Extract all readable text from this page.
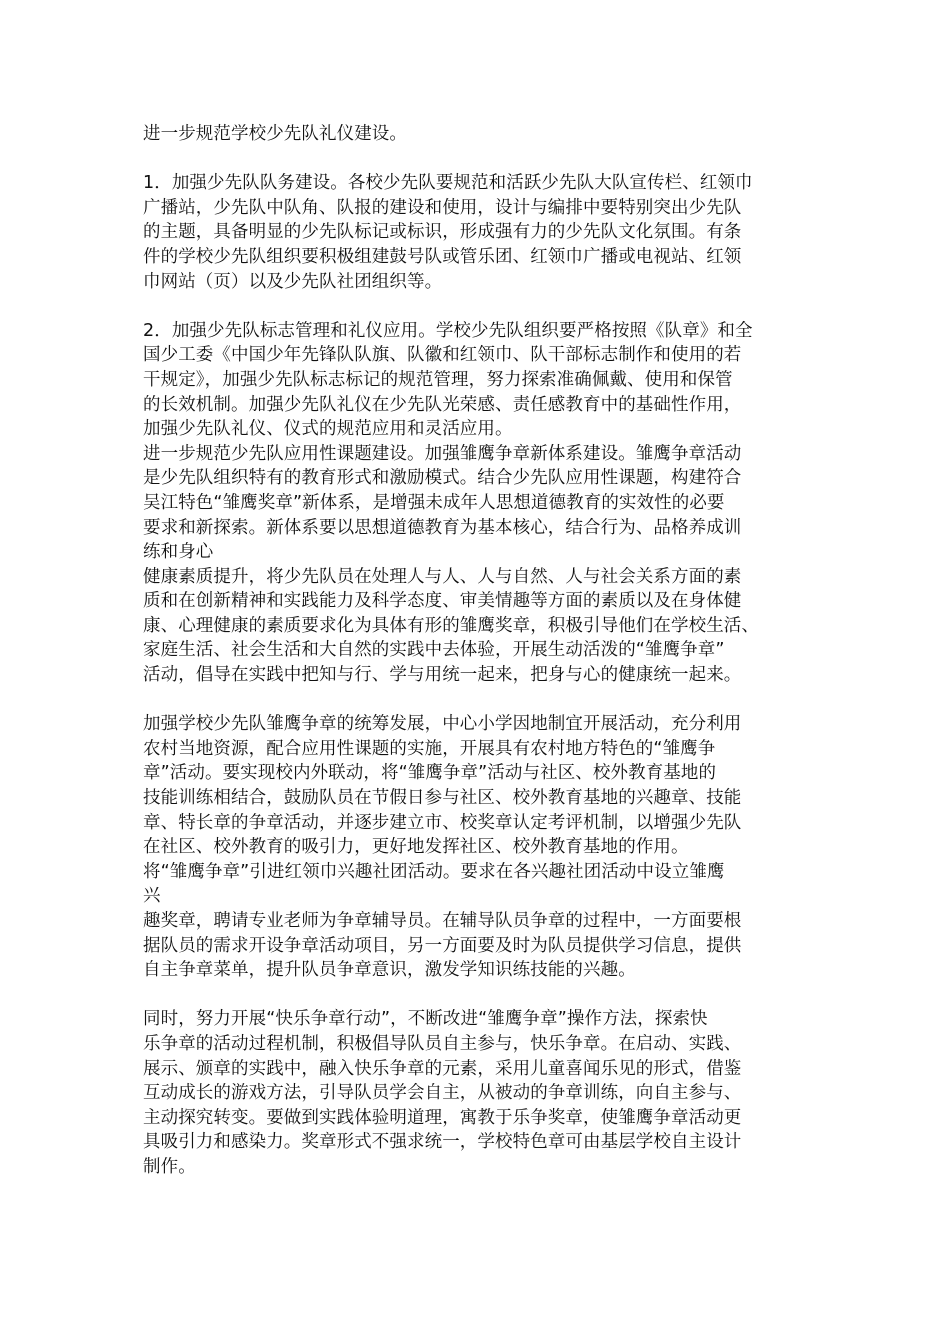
进一步规范学校少先队礼仪建设。
1．加强少先队队务建设。各校少先队要规范和活跃少先队大队宣传栏、红领巾
广播站，少先队中队角、队报的建设和使用，设计与编排中要特别突出少先队
的主题，具备明显的少先队标记或标识，形成强有力的少先队文化氛围。有条
件的学校少先队组织要积极组建鼓号队或管乐团、红领巾广播或电视站、红领
巾网站（页）以及少先队社团组织等。
2．加强少先队标志管理和礼仪应用。学校少先队组织要严格按照《队章》和全
国少工委《中国少年先锋队队旗、队徽和红领巾、队干部标志制作和使用的若
干规定》，加强少先队标志标记的规范管理，努力探索准确佩戴、使用和保管
的长效机制。加强少先队礼仪在少先队光荣感、责任感教育中的基础性作用，
加强少先队礼仪、仪式的规范应用和灵活应用。
进一步规范少先队应用性课题建设。加强雏鹰争章新体系建设。雏鹰争章活动
是少先队组织特有的教育形式和激励模式。结合少先队应用性课题，构建符合
吴江特色“雏鹰奖章”新体系，是增强未成年人思想道德教育的实效性的必要
要求和新探索。新体系要以思想道德教育为基本核心，结合行为、品格养成训
练和身心
健康素质提升，将少先队员在处理人与人、人与自然、人与社会关系方面的素
质和在创新精神和实践能力及科学态度、审美情趣等方面的素质以及在身体健
康、心理健康的素质要求化为具体有形的雏鹰奖章，积极引导他们在学校生活、
家庭生活、社会生活和大自然的实践中去体验，开展生动活泼的“雏鹰争章”
活动，倡导在实践中把知与行、学与用统一起来，把身与心的健康统一起来。
加强学校少先队雏鹰争章的统筹发展，中心小学因地制宜开展活动，充分利用
农村当地资源，配合应用性课题的实施，开展具有农村地方特色的“雏鹰争
章”活动。要实现校内外联动，将“雏鹰争章”活动与社区、校外教育基地的
技能训练相结合，鼓励队员在节假日参与社区、校外教育基地的兴趣章、技能
章、特长章的争章活动，并逐步建立市、校奖章认定考评机制，以增强少先队
在社区、校外教育的吸引力，更好地发挥社区、校外教育基地的作用。
将“雏鹰争章”引进红领巾兴趣社团活动。要求在各兴趣社团活动中设立雏鹰
兴
趣奖章，聘请专业老师为争章辅导员。在辅导队员争章的过程中，一方面要根
据队员的需求开设争章活动项目，另一方面要及时为队员提供学习信息，提供
自主争章菜单，提升队员争章意识，激发学知识练技能的兴趣。
同时，努力开展“快乐争章行动”，不断改进“雏鹰争章”操作方法，探索快
乐争章的活动过程机制，积极倡导队员自主参与，快乐争章。在启动、实践、
展示、颁章的实践中，融入快乐争章的元素，采用儿童喜闻乐见的形式，借鉴
互动成长的游戏方法，引导队员学会自主，从被动的争章训练，向自主参与、
主动探究转变。要做到实践体验明道理，寓教于乐争奖章，使雏鹰争章活动更
具吸引力和感染力。奖章形式不强求统一，学校特色章可由基层学校自主设计
制作。
